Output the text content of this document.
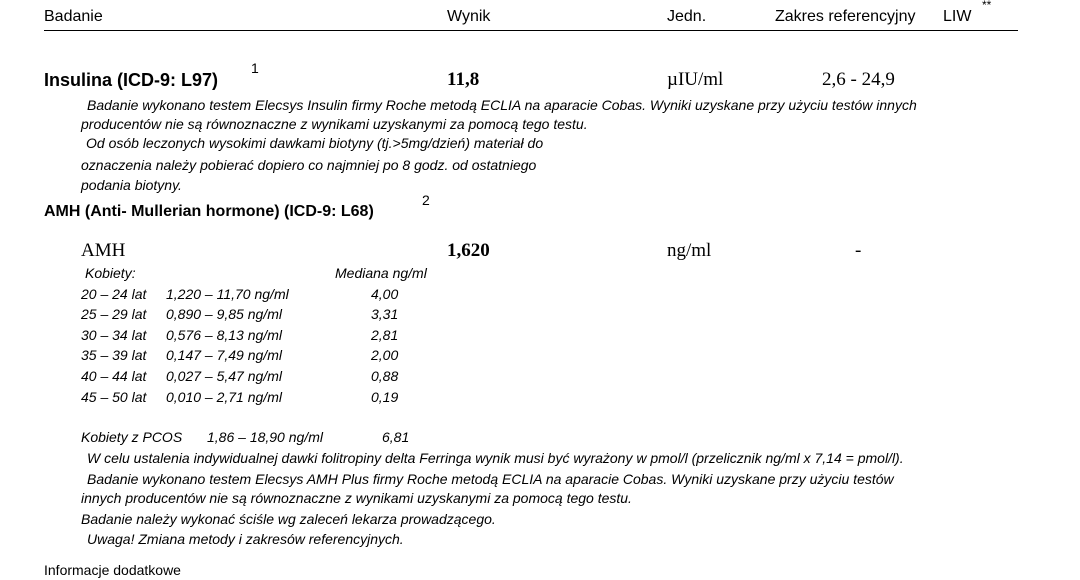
Badanie	Wynik	Jedn.	Zakres referencyjny LIW
**
Insulina (ICD-9: L97)
1
11,8	µIU/ml	2,6 - 24,9
Badanie wykonano testem Elecsys Insulin firmy Roche metodą ECLIA na aparacie Cobas. Wyniki uzyskane przy użyciu testów innych
producentów nie są równoznaczne z wynikami uzyskanymi za pomocą tego testu.
Od osób leczonych wysokimi dawkami biotyny (tj.>5mg/dzień) materiał do
oznaczenia należy pobierać dopiero co najmniej po 8 godz. od ostatniego
podania biotyny.
AMH (Anti- Mullerian hormone) (ICD-9: L68)
2
AMH	1,620	ng/ml	-
Kobiety:	Mediana ng/ml
20 – 24 lat 1,220 – 11,70 ng/ml	4,00
25 – 29 lat 0,890 – 9,85 ng/ml	3,31
30 – 34 lat 0,576 – 8,13 ng/ml	2,81
35 – 39 lat 0,147 – 7,49 ng/ml	2,00
40 – 44 lat 0,027 – 5,47 ng/ml	0,88
45 – 50 lat 0,010 – 2,71 ng/ml	0,19
Kobiety z PCOS 1,86 – 18,90 ng/ml	6,81
W celu ustalenia indywidualnej dawki folitropiny delta Ferringa wynik musi być wyrażony w pmol/l (przelicznik ng/ml x 7,14 = pmol/l).
Badanie wykonano testem Elecsys AMH Plus firmy Roche metodą ECLIA na aparacie Cobas. Wyniki uzyskane przy użyciu testów
innych producentów nie są równoznaczne z wynikami uzyskanymi za pomocą tego testu.
Badanie należy wykonać ściśle wg zaleceń lekarza prowadzącego.
Uwaga! Zmiana metody i zakresów referencyjnych.
Informacje dodatkowe
